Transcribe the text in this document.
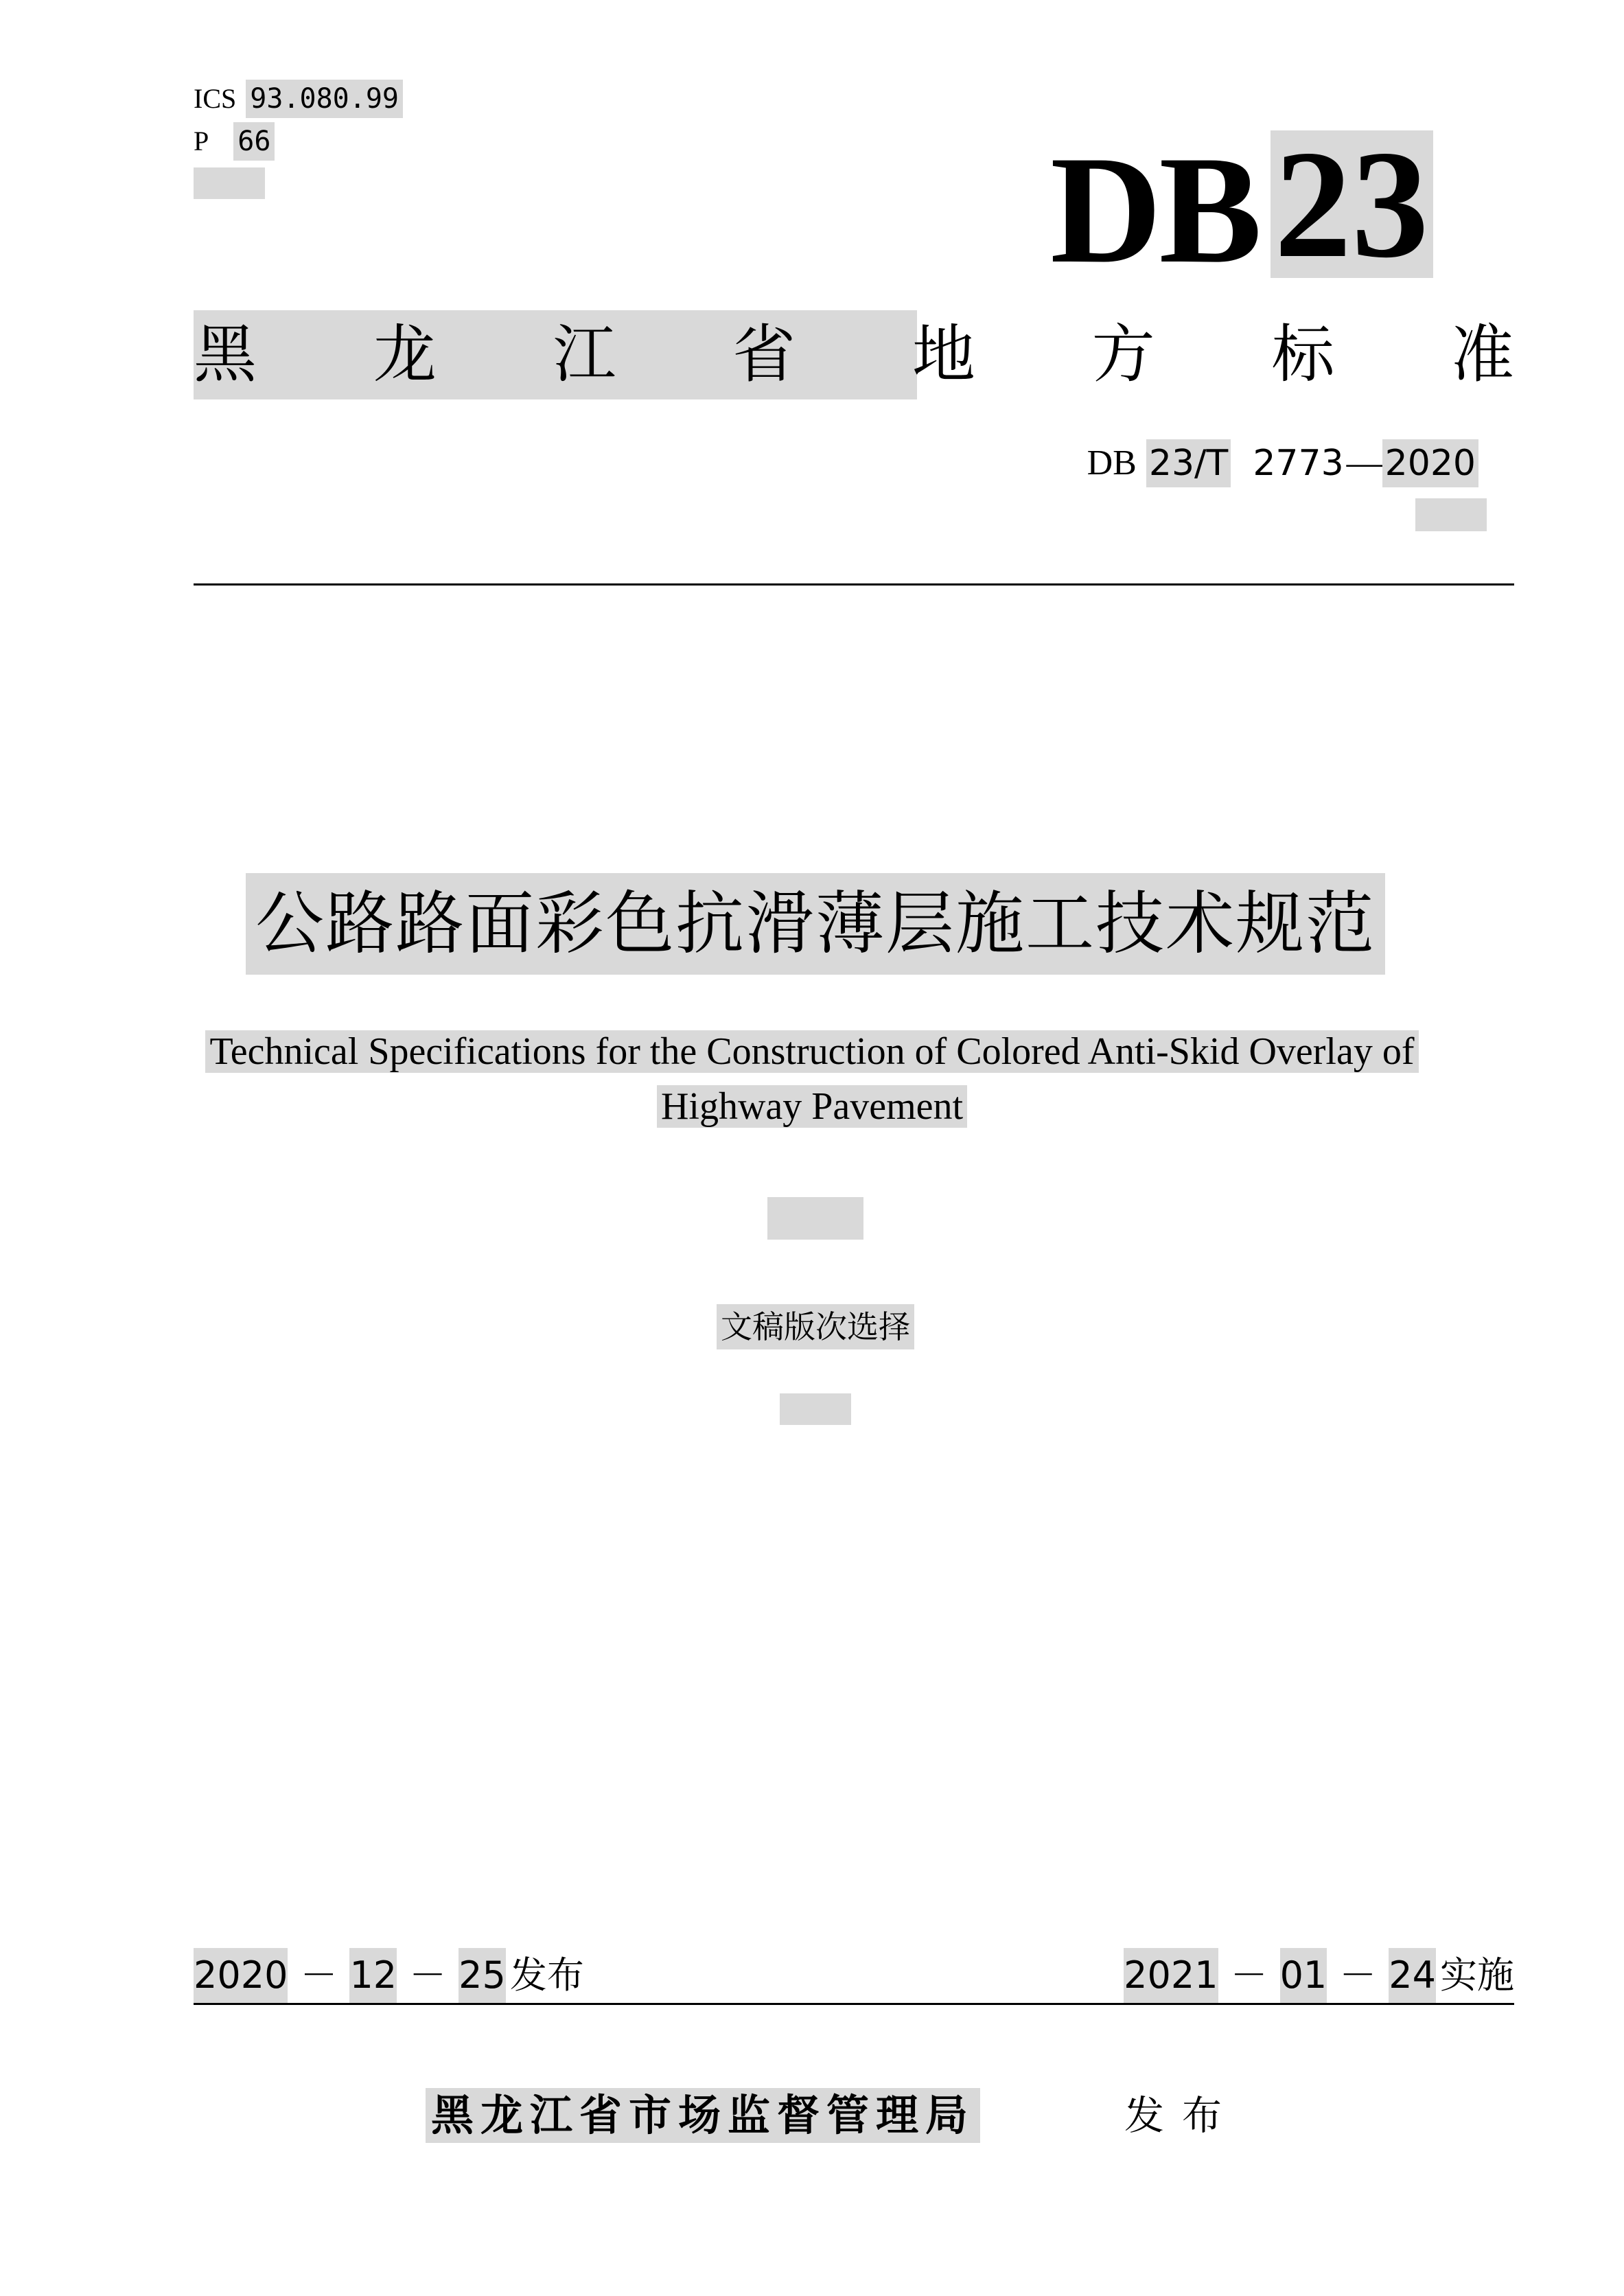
ICS 93.080.99
P 66	DB 23
黑	龙	江	省	地	方	标	准
DB 23/T 2773 — 2020
公路路面彩色抗滑薄层施工技术规范
Technical Specifications for the Construction of Colored Anti-Skid Overlay of
Highway Pavement
文稿版次选择
2020 － 12 － 25 发布	2021 － 01 － 24 实施
黑龙江省市场监督管理局	发布
